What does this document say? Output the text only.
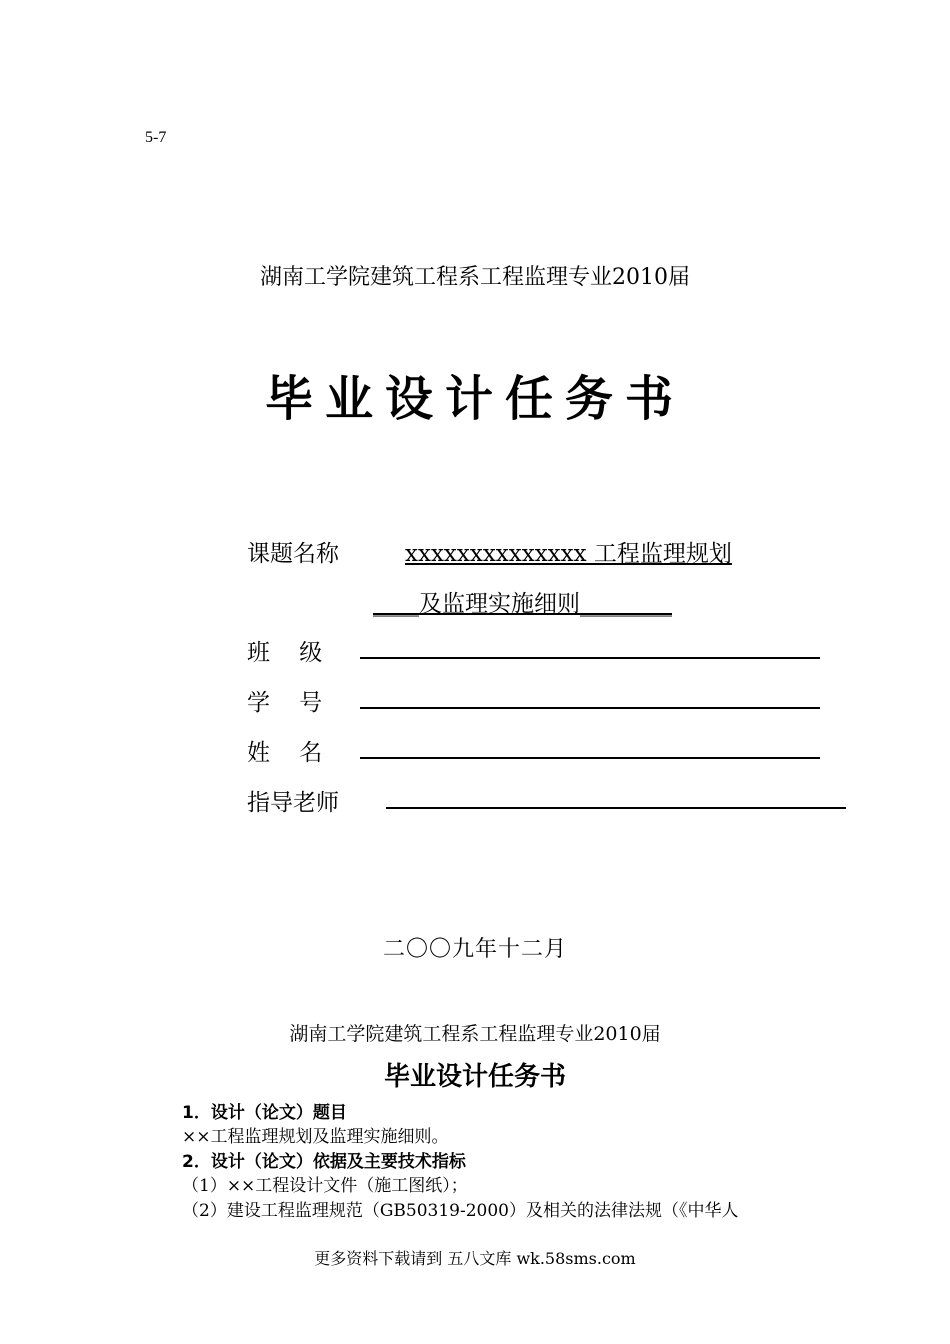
5-7
湖南工学院建筑工程系工程监理专业2010届
毕业设计任务书
课题名称	xxxxxxxxxxxxxx 工程监理规划
____及监理实施细则________
班    级
学    号
姓    名
指导老师
二〇〇九年十二月
湖南工学院建筑工程系工程监理专业2010届
毕业设计任务书
1．设计（论文）题目
××工程监理规划及监理实施细则。
2．设计（论文）依据及主要技术指标
（1）××工程设计文件（施工图纸）；
（2）建设工程监理规范（GB50319-2000）及相关的法律法规（《中华人
更多资料下载请到 五八文库 wk.58sms.com
